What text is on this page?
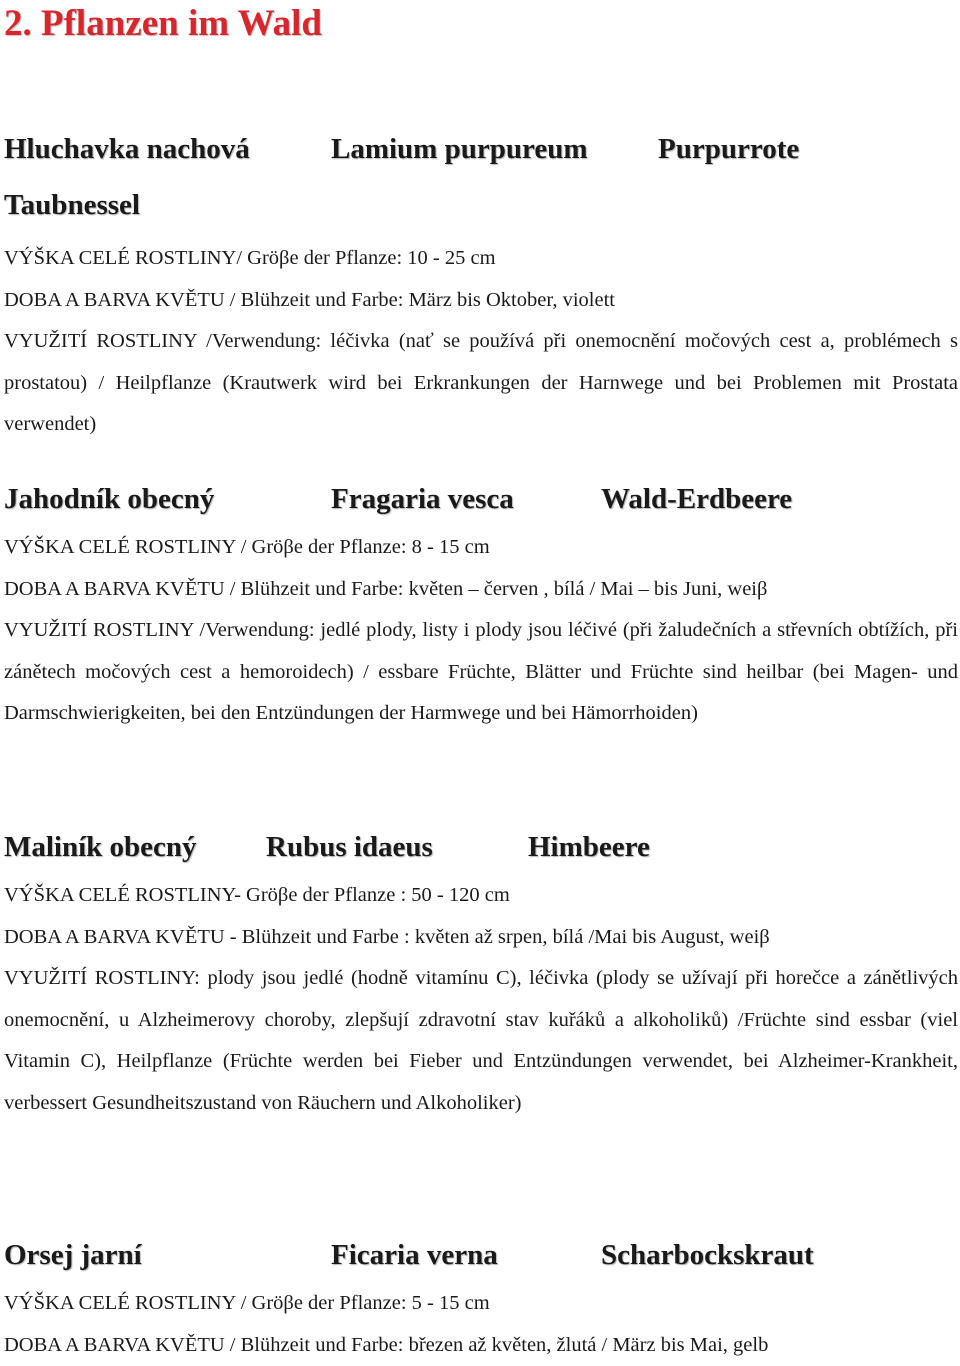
2. Pflanzen im Wald
Hluchavka nachová	Lamium purpureum Purpurrote
Taubnessel

VÝŠKA CELÉ ROSTLINY/ Gröβe der Pflanze: 10 - 25 cm

DOBA A BARVA KVĚTU / Blühzeit und Farbe: März bis Oktober, violett

VYUŽITÍ ROSTLINY /Verwendung: léčivka (nať se používá při onemocnění močových cest a, problémech s prostatou) / Heilpflanze (Krautwerk wird bei Erkrankungen der Harnwege und bei Problemen mit Prostata verwendet)

Jahodník obecný	Fragaria vesca	Wald-Erdbeere

VÝŠKA CELÉ ROSTLINY / Gröβe der Pflanze: 8 - 15 cm

DOBA A BARVA KVĚTU / Blühzeit und Farbe: květen – červen , bílá / Mai – bis Juni, weiβ

VYUŽITÍ ROSTLINY /Verwendung: jedlé plody, listy i plody jsou léčivé (při žaludečních a střevních obtížích, při zánětech močových cest a hemoroidech) / essbare Früchte, Blätter und Früchte sind heilbar (bei Magen- und Darmschwierigkeiten, bei den Entzündungen der Harmwege und bei Hämorrhoiden)

Maliník obecný Rubus idaeus	Himbeere

VÝŠKA CELÉ ROSTLINY- Gröβe der Pflanze : 50 - 120 cm

DOBA A BARVA KVĚTU - Blühzeit und Farbe : květen až srpen, bílá /Mai bis August, weiβ

VYUŽITÍ ROSTLINY: plody jsou jedlé (hodně vitamínu C), léčivka (plody se užívají při horečce a zánětlivých onemocnění, u Alzheimerovy choroby, zlepšují zdravotní stav kuřáků a alkoholiků) /Früchte sind essbar (viel Vitamin C), Heilpflanze (Früchte werden bei Fieber und Entzündungen verwendet, bei Alzheimer-Krankheit, verbessert Gesundheitszustand von Räuchern und Alkoholiker)

Orsej jarní	Ficaria verna	Scharbockskraut

VÝŠKA CELÉ ROSTLINY / Gröβe der Pflanze: 5 - 15 cm

DOBA A BARVA KVĚTU / Blühzeit und Farbe: březen až květen, žlutá / März bis Mai, gelb
